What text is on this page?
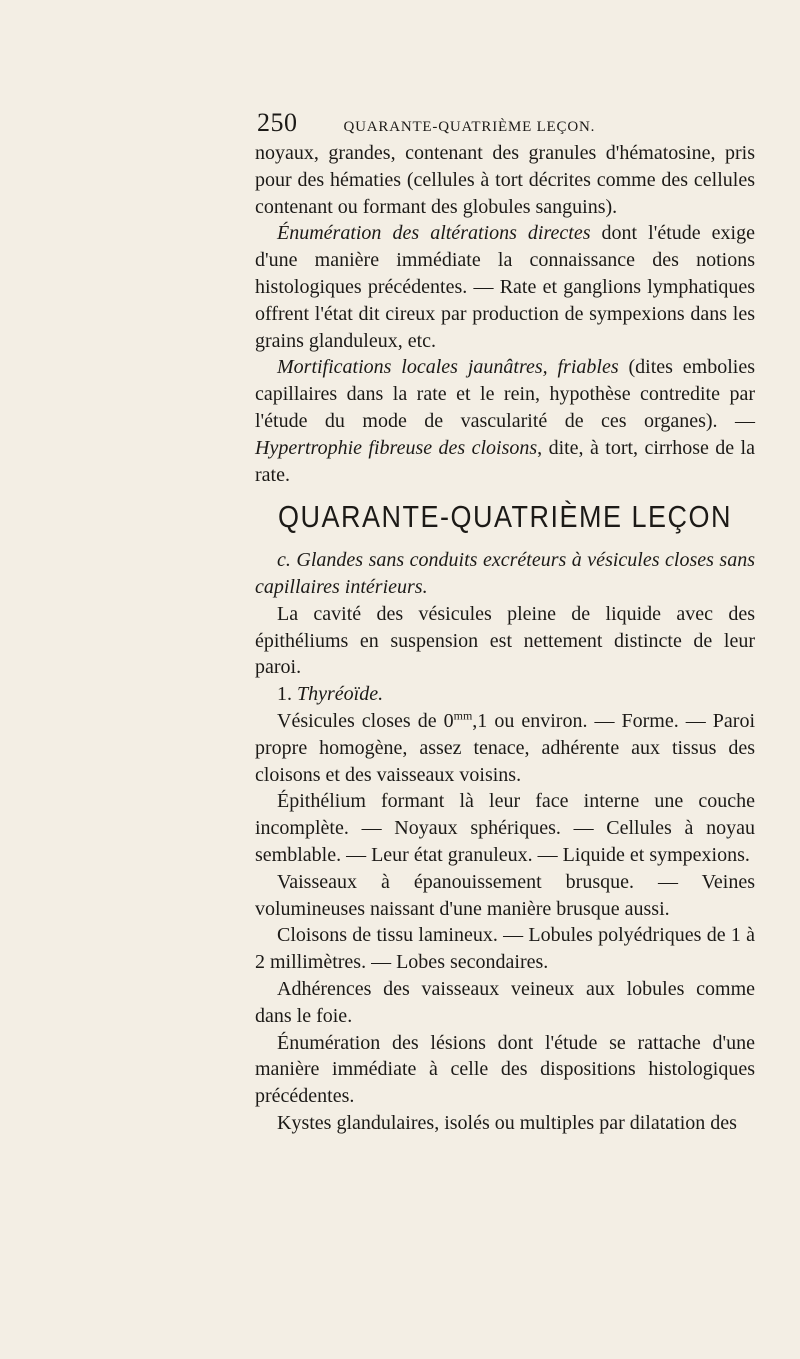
250	QUARANTE-QUATRIÈME LEÇON.

noyaux, grandes, contenant des granules d'hématosine, pris pour des hématies (cellules à tort décrites comme des cellules contenant ou formant des globules sanguins).

Énumération des altérations directes dont l'étude exige d'une manière immédiate la connaissance des notions histologiques précédentes. — Rate et ganglions lymphatiques offrent l'état dit cireux par production de sympexions dans les grains glanduleux, etc.

Mortifications locales jaunâtres, friables (dites embolies capillaires dans la rate et le rein, hypothèse contredite par l'étude du mode de vascularité de ces organes). — Hypertrophie fibreuse des cloisons, dite, à tort, cirrhose de la rate.

QUARANTE-QUATRIÈME LEÇON

c. Glandes sans conduits excréteurs à vésicules closes sans capillaires intérieurs.

La cavité des vésicules pleine de liquide avec des épithéliums en suspension est nettement distincte de leur paroi.

1. Thyréoïde.

Vésicules closes de $0^{mm},1$ ou environ. — Forme. — Paroi propre homogène, assez tenace, adhérente aux tissus des cloisons et des vaisseaux voisins.

Épithélium formant là leur face interne une couche incomplète. — Noyaux sphériques. — Cellules à noyau semblable. — Leur état granuleux. — Liquide et sympexions.

Vaisseaux à épanouissement brusque. — Veines volumineuses naissant d'une manière brusque aussi.

Cloisons de tissu lamineux. — Lobules polyédriques de 1 à 2 millimètres. — Lobes secondaires.

Adhérences des vaisseaux veineux aux lobules comme dans le foie.

Énumération des lésions dont l'étude se rattache d'une manière immédiate à celle des dispositions histologiques précédentes.

Kystes glandulaires, isolés ou multiples par dilatation des
